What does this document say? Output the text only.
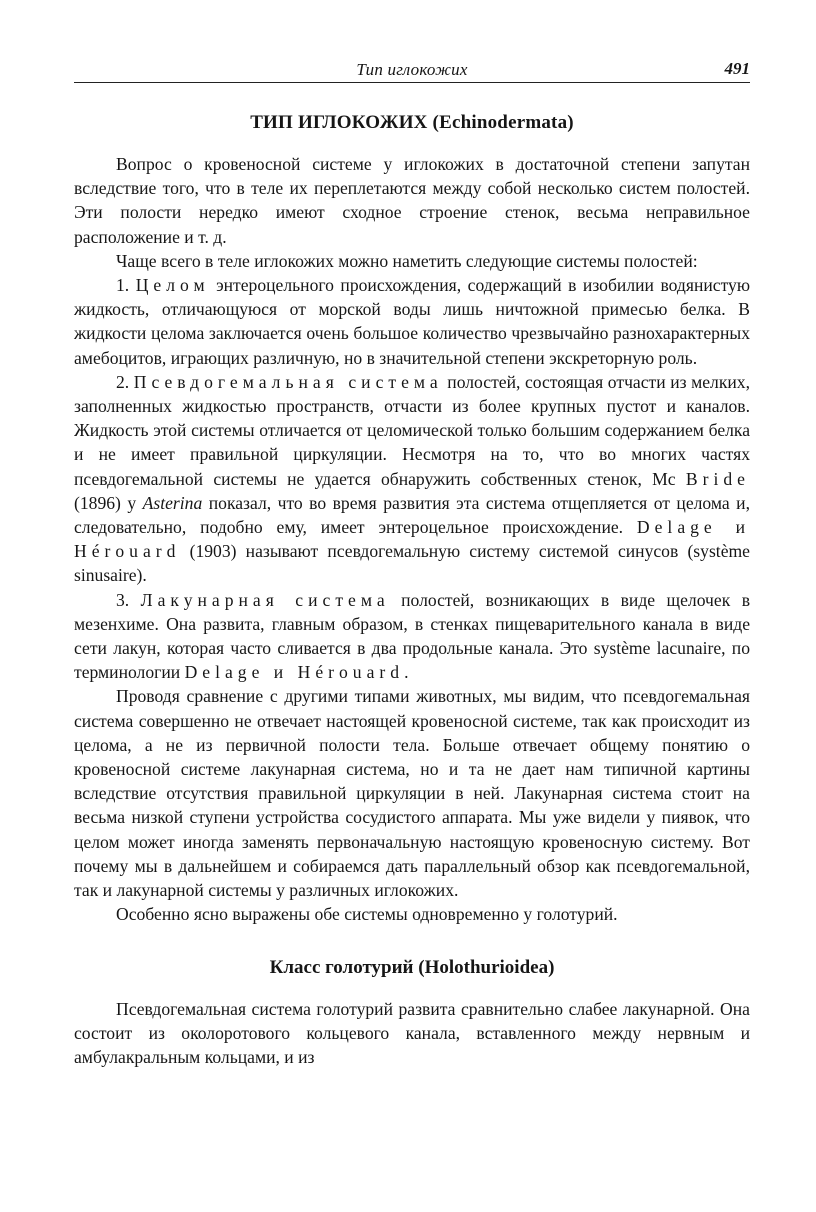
Тип иглокожих	491
ТИП ИГЛОКОЖИХ (Echinodermata)

Вопрос о кровеносной системе у иглокожих в достаточной степени запутан вследствие того, что в теле их переплетаются между собой несколько систем полостей. Эти полости нередко имеют сходное строение стенок, весьма неправильное расположение и т. д.

Чаще всего в теле иглокожих можно наметить следующие системы полостей:

1. Целом энтероцельного происхождения, содержащий в изобилии водянистую жидкость, отличающуюся от морской воды лишь ничтожной примесью белка. В жидкости целома заключается очень большое количество чрезвычайно разнохарактерных амебоцитов, играющих различную, но в значительной степени экскреторную роль.

2. Псевдогемальная система полостей, состоящая отчасти из мелких, заполненных жидкостью пространств, отчасти из более крупных пустот и каналов. Жидкость этой системы отличается от целомической только большим содержанием белка и не имеет правильной циркуляции. Несмотря на то, что во многих частях псевдогемальной системы не удается обнаружить собственных стенок, Mc Bride (1896) у Asterina показал, что во время развития эта система отщепляется от целома и, следовательно, подобно ему, имеет энтероцельное происхождение. Delage и Hérouard (1903) называют псевдогемальную систему системой синусов (système sinusaire).

3. Лакунарная система полостей, возникающих в виде щелочек в мезенхиме. Она развита, главным образом, в стенках пищеварительного канала в виде сети лакун, которая часто сливается в два продольные канала. Это système lacunaire, по терминологии Delage и Hérouard.

Проводя сравнение с другими типами животных, мы видим, что псевдогемальная система совершенно не отвечает настоящей кровеносной системе, так как происходит из целома, а не из первичной полости тела. Больше отвечает общему понятию о кровеносной системе лакунарная система, но и та не дает нам типичной картины вследствие отсутствия правильной циркуляции в ней. Лакунарная система стоит на весьма низкой ступени устройства сосудистого аппарата. Мы уже видели у пиявок, что целом может иногда заменять первоначальную настоящую кровеносную систему. Вот почему мы в дальнейшем и собираемся дать параллельный обзор как псевдогемальной, так и лакунарной системы у различных иглокожих.

Особенно ясно выражены обе системы одновременно у голотурий.

Класс голотурий (Holothurioidea)

Псевдогемальная система голотурий развита сравнительно слабее лакунарной. Она состоит из околоротового кольцевого канала, вставленного между нервным и амбулакральным кольцами, и из
